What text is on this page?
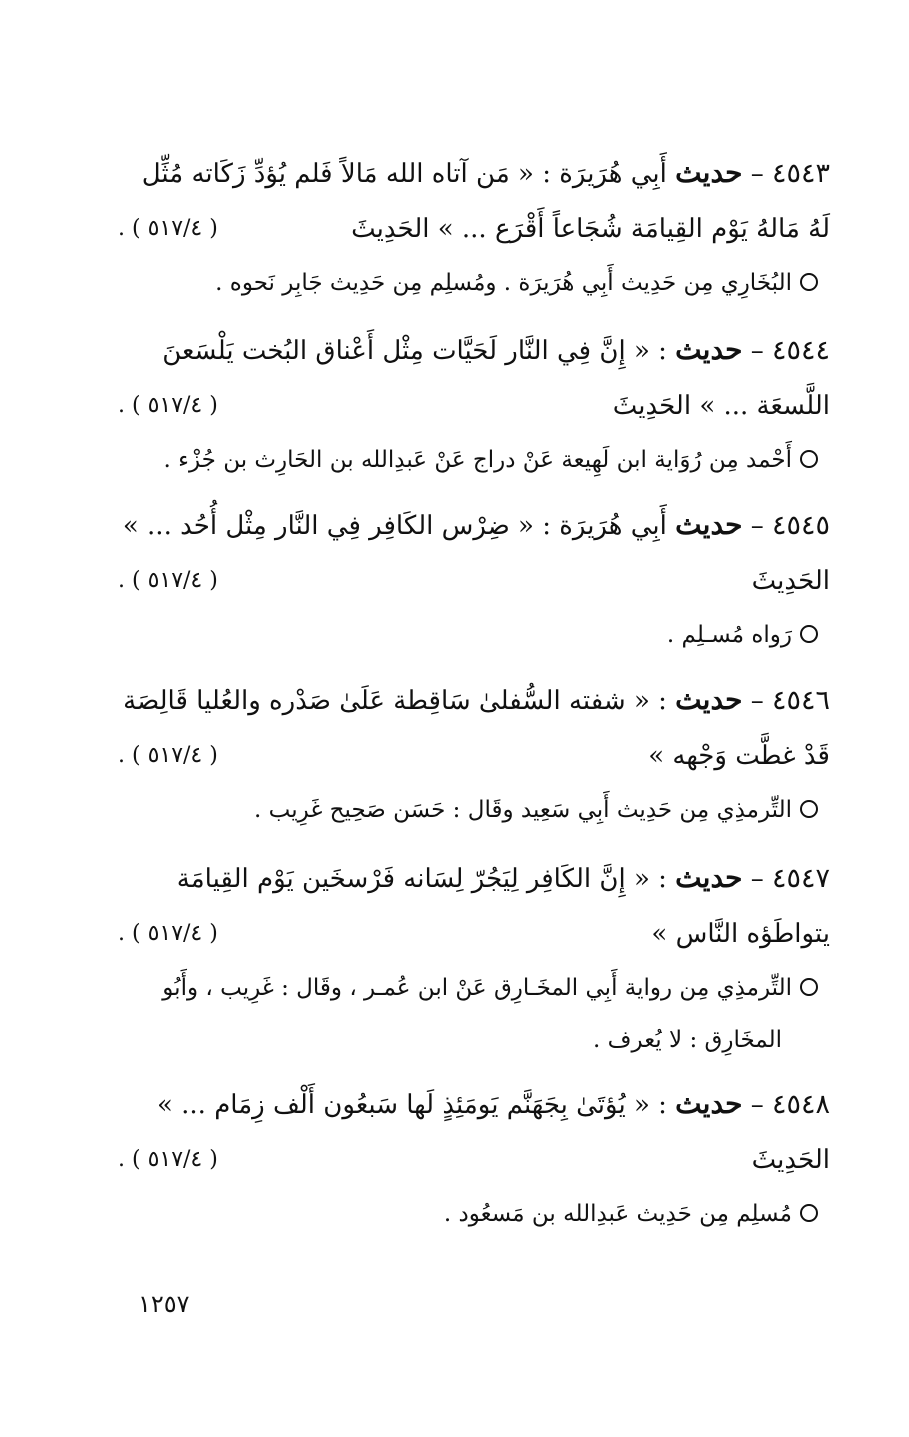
٤٥٤٣ – حديث أَبِي هُرَيرَة : « مَن آتاه الله مَالاً فَلم يُؤدِّ زَكَاته مُثِّل
لَهُ مَالهُ يَوْم القِيامَة شُجَاعاً أَقْرَع ... » الحَدِيثَ
( ٥١٧/٤ ) .
البُخَارِي مِن حَدِيث أَبِي هُرَيرَة . ومُسلِم مِن حَدِيث جَابِر نَحوه .
٤٥٤٤ – حديث : « إِنَّ فِي النَّار لَحَيَّات مِثْل أَعْناق البُخت يَلْسَعنَ
اللَّسعَة ... » الحَدِيثَ
( ٥١٧/٤ ) .
أَحْمد مِن رُوَاية ابن لَهِيعة عَنْ دراج عَنْ عَبدِالله بن الحَارِث بن جُزْء .
٤٥٤٥ – حديث أَبِي هُرَيرَة : « ضِرْس الكَافِر فِي النَّار مِثْل أُحُد ... »
الحَدِيثَ
( ٥١٧/٤ ) .
رَواه مُسـلِم .
٤٥٤٦ – حديث : « شفته السُّفلىٰ سَاقِطة عَلَىٰ صَدْره والعُليا قَالِصَة
قَدْ غطَّت وَجْهه »
( ٥١٧/٤ ) .
التِّرمذِي مِن حَدِيث أَبِي سَعِيد وقَال : حَسَن صَحِيح غَرِيب .
٤٥٤٧ – حديث : « إِنَّ الكَافِر لِيَجُرّ لِسَانه فَرْسخَين يَوْم القِيامَة
يتواطَؤه النَّاس »
( ٥١٧/٤ ) .
التِّرمذِي مِن رواية أَبِي المخَـارِق عَنْ ابن عُمـر ، وقَال : غَرِيب ، وأَبُو
المخَارِق : لا يُعرف .
٤٥٤٨ – حديث : « يُؤتَىٰ بِجَهَنَّم يَومَئِذٍ لَها سَبعُون أَلْف زِمَام ... »
الحَدِيثَ
( ٥١٧/٤ ) .
مُسلِم مِن حَدِيث عَبدِالله بن مَسعُود .
١٢٥٧
